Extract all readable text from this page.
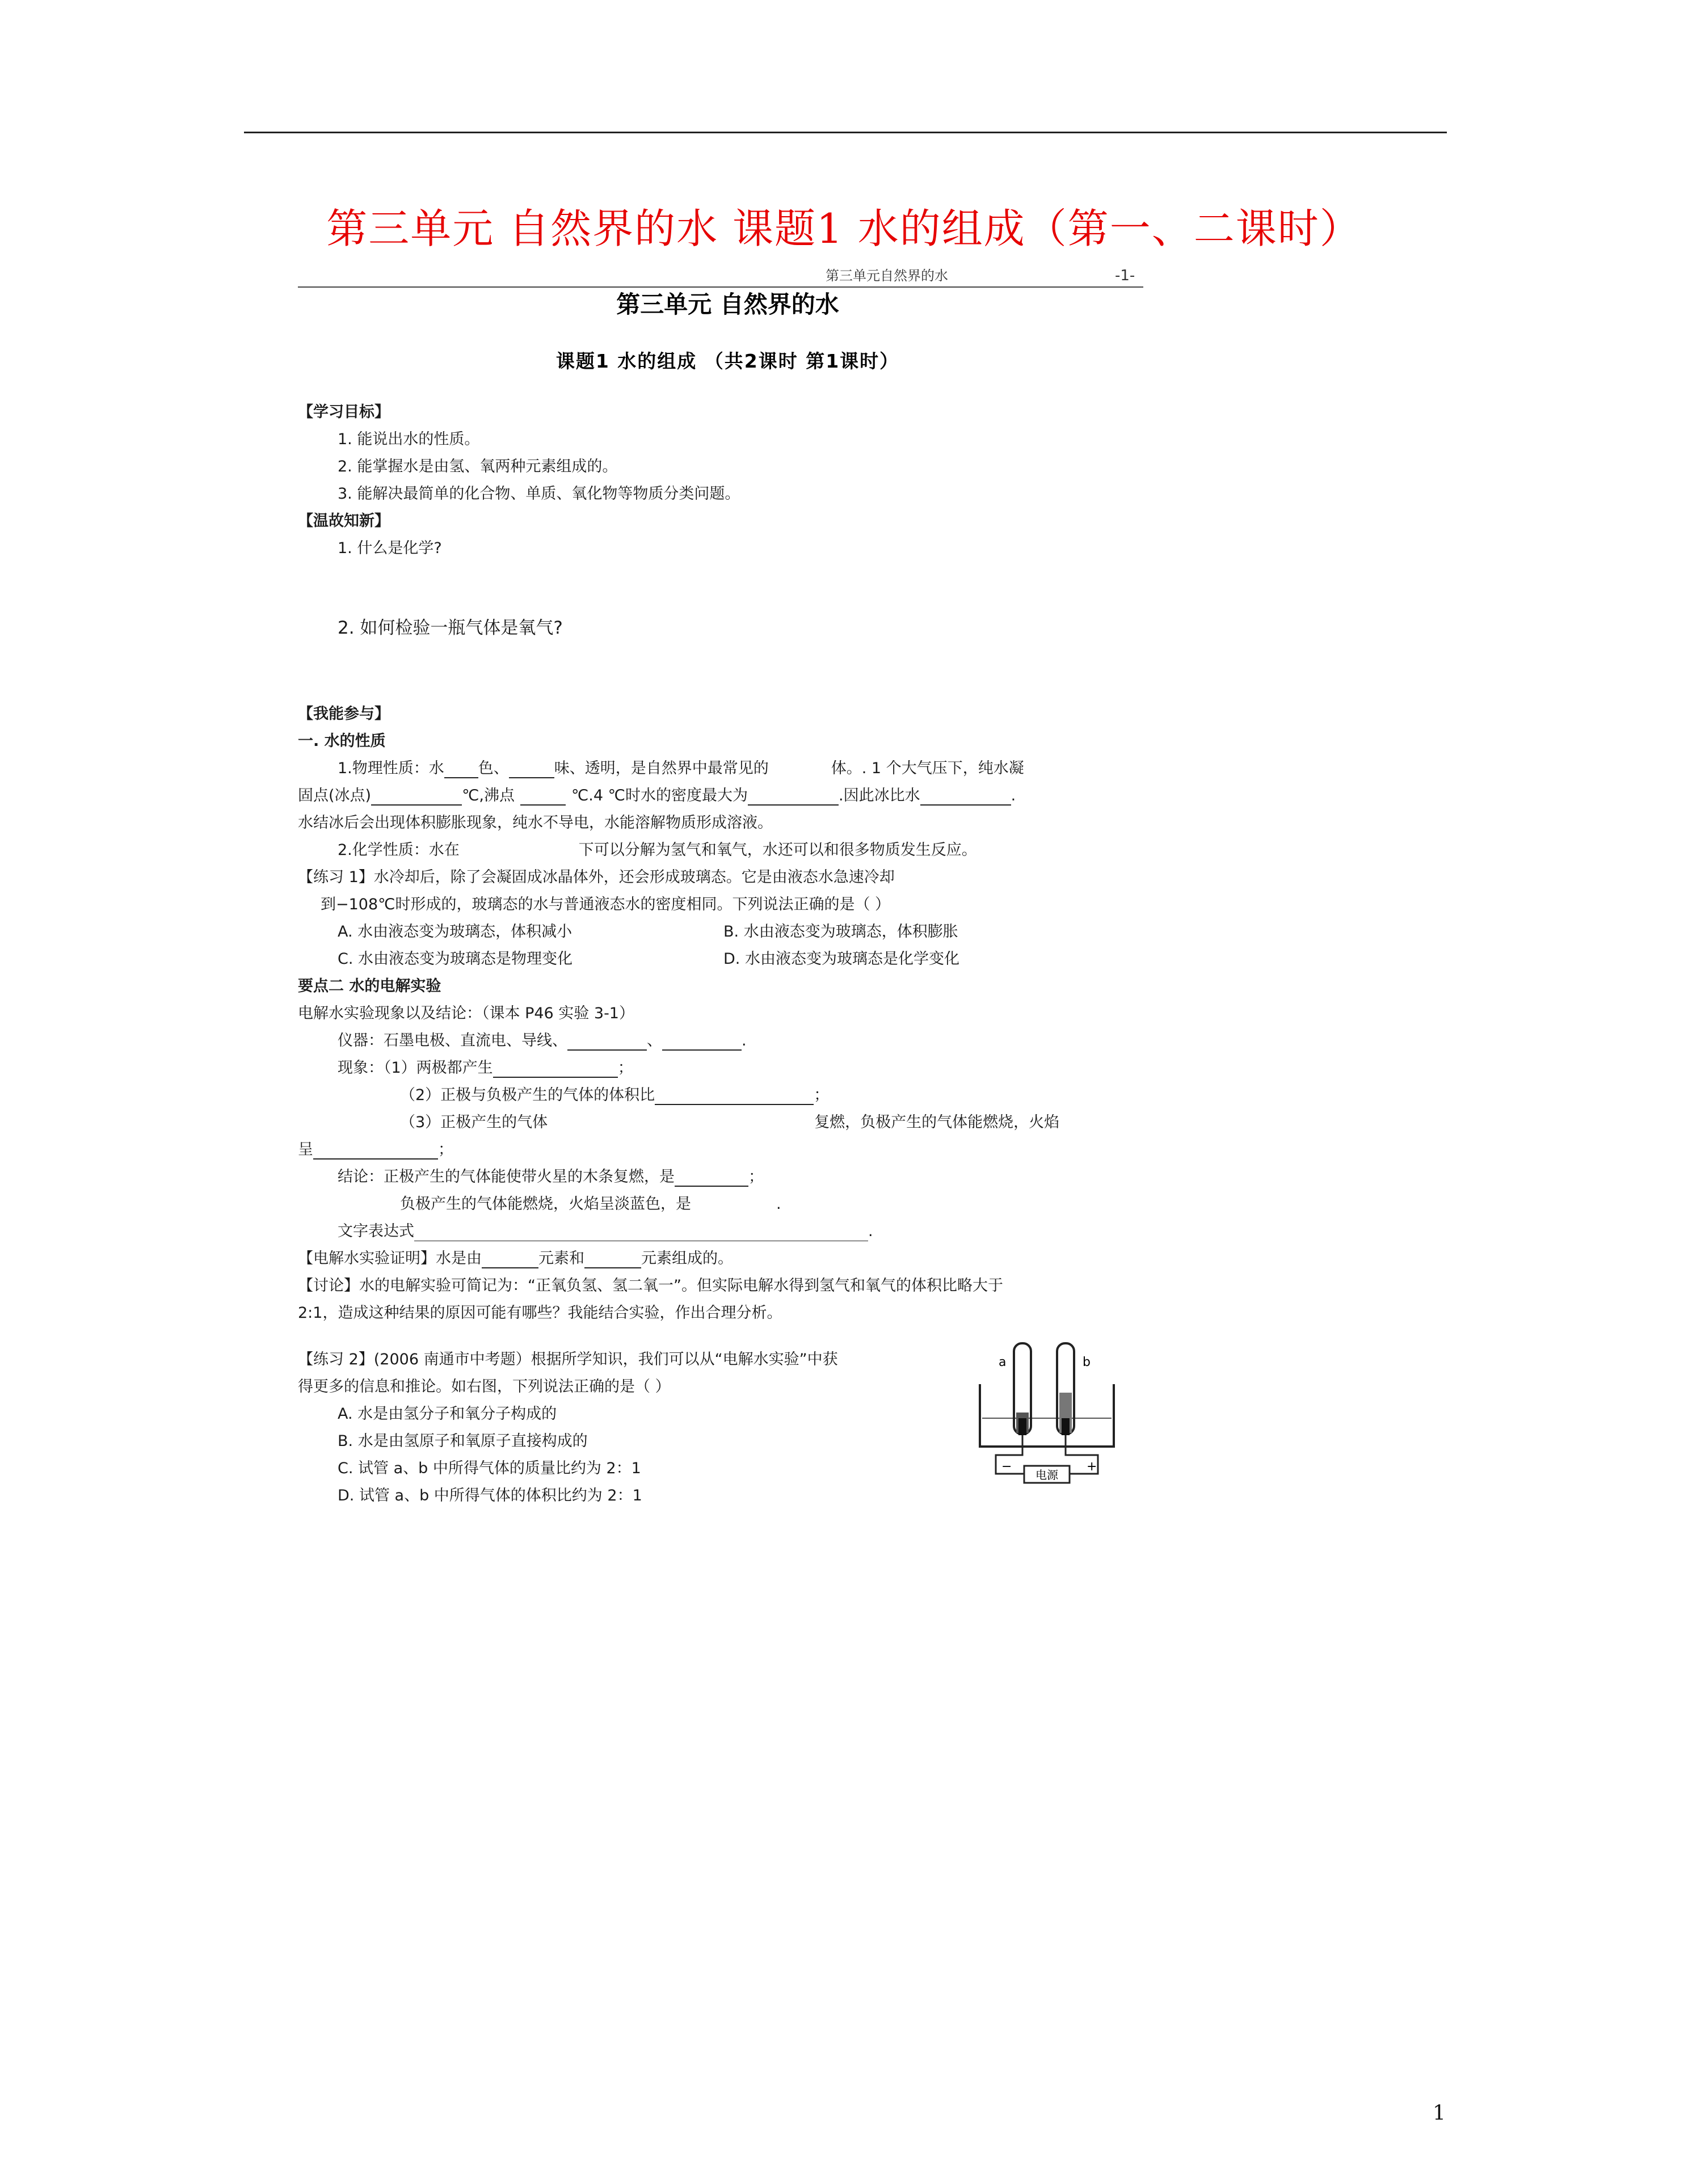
第三单元 自然界的水 课题1 水的组成（第一、二课时）
第三单元自然界的水	-1-
第三单元 自然界的水
课题1 水的组成 （共2课时 第1课时）
【学习目标】
1. 能说出水的性质。
2. 能掌握水是由氢、氧两种元素组成的。
3. 能解决最简单的化合物、单质、氧化物等物质分类问题。
【温故知新】
1. 什么是化学?
2. 如何检验一瓶气体是氧气?
【我能参与】
一. 水的性质
1.物理性质：水 色、	味、透明，是自然界中最常见的	体。. 1 个大气压下，纯水凝
固点(冰点)	℃,沸点	℃.4 ℃时水的密度最大为	.因此冰比水	.
水结冰后会出现体积膨胀现象，纯水不导电，水能溶解物质形成溶液。
2.化学性质：水在	下可以分解为氢气和氧气，水还可以和很多物质发生反应。
【练习 1】水冷却后，除了会凝固成冰晶体外，还会形成玻璃态。它是由液态水急速冷却
到−108℃时形成的，玻璃态的水与普通液态水的密度相同。下列说法正确的是（ ）
A. 水由液态变为玻璃态，体积减小	B. 水由液态变为玻璃态，体积膨胀
C. 水由液态变为玻璃态是物理变化	D. 水由液态变为玻璃态是化学变化
要点二 水的电解实验
电解水实验现象以及结论：（课本 P46 实验 3-1）
仪器：石墨电极、直流电、导线、	、	.
现象：（1）两极都产生	；
（2）正极与负极产生的气体的体积比	；
（3）正极产生的气体	复燃，负极产生的气体能燃烧，火焰
呈	；
结论：正极产生的气体能使带火星的木条复燃，是	；
负极产生的气体能燃烧，火焰呈淡蓝色，是	.
文字表达式	.
【电解水实验证明】水是由	元素和	元素组成的。
【讨论】水的电解实验可简记为：“正氧负氢、氢二氧一”。但实际电解水得到氢气和氧气的体积比略大于
2:1，造成这种结果的原因可能有哪些？我能结合实验，作出合理分析。
【练习 2】(2006 南通市中考题）根据所学知识，我们可以从“电解水实验”中获
得更多的信息和推论。如右图，下列说法正确的是（ ）
A. 水是由氢分子和氧分子构成的
B. 水是由氢原子和氧原子直接构成的
C. 试管 a、b 中所得气体的质量比约为 2：1
D. 试管 a、b 中所得气体的体积比约为 2：1
电源
−	+
a	b
1
